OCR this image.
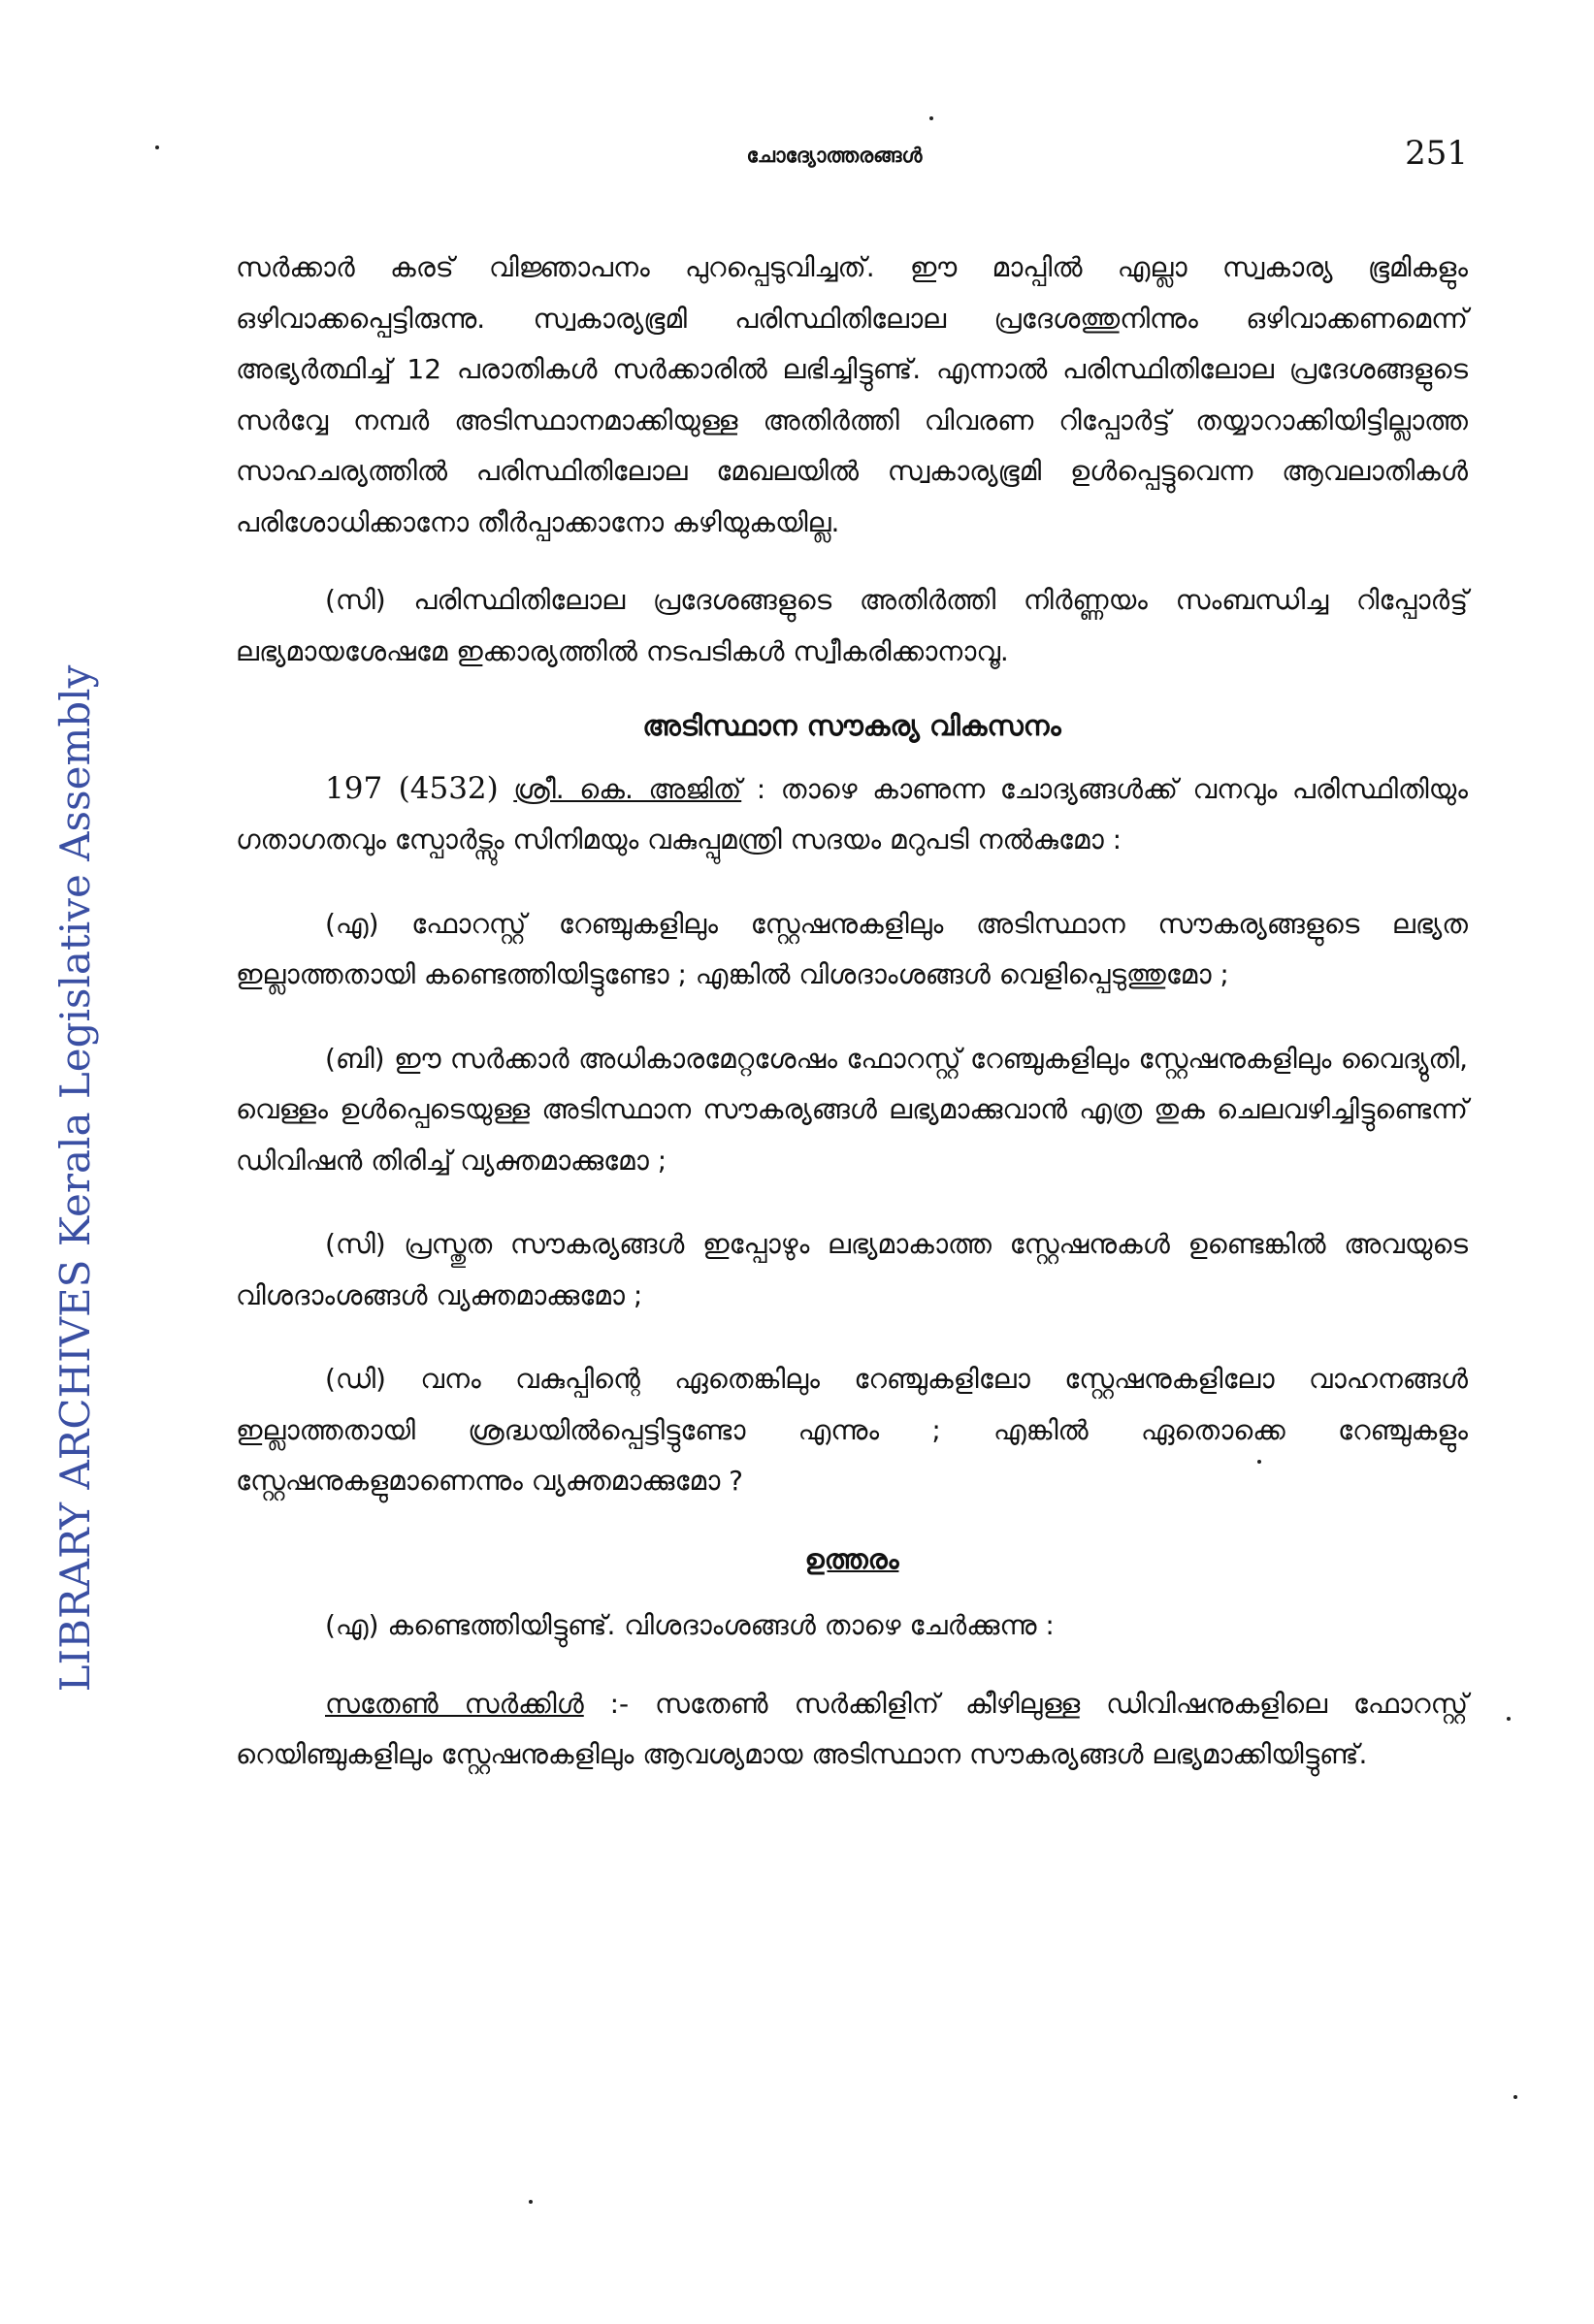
LIBRARY ARCHIVES Kerala Legislative Assembly
ചോദ്യോത്തരങ്ങൾ	251

സർക്കാർ കരട് വിജ്ഞാപനം പുറപ്പെടുവിച്ചത്. ഈ മാപ്പിൽ എല്ലാ സ്വകാര്യ ഭൂമികളും ഒഴിവാക്കപ്പെട്ടിരുന്നു. സ്വകാര്യഭൂമി പരിസ്ഥിതിലോല പ്രദേശത്തുനിന്നും ഒഴിവാക്കണമെന്ന് അഭ്യർത്ഥിച്ച് 12 പരാതികൾ സർക്കാരിൽ ലഭിച്ചിട്ടുണ്ട്. എന്നാൽ പരിസ്ഥിതിലോല പ്രദേശങ്ങളുടെ സർവ്വേ നമ്പർ അടിസ്ഥാനമാക്കിയുള്ള അതിർത്തി വിവരണ റിപ്പോർട്ട് തയ്യാറാക്കിയിട്ടില്ലാത്ത സാഹചര്യത്തിൽ പരിസ്ഥിതിലോല മേഖലയിൽ സ്വകാര്യഭൂമി ഉൾപ്പെട്ടുവെന്ന ആവലാതികൾ പരിശോധിക്കാനോ തീർപ്പാക്കാനോ കഴിയുകയില്ല.

(സി) പരിസ്ഥിതിലോല പ്രദേശങ്ങളുടെ അതിർത്തി നിർണ്ണയം സംബന്ധിച്ച റിപ്പോർട്ട് ലഭ്യമായശേഷമേ ഇക്കാര്യത്തിൽ നടപടികൾ സ്വീകരിക്കാനാവൂ.

അടിസ്ഥാന സൗകര്യ വികസനം

197 (4532) ശ്രീ. കെ. അജിത് : താഴെ കാണുന്ന ചോദ്യങ്ങൾക്ക് വനവും പരിസ്ഥിതിയും ഗതാഗതവും സ്പോർട്സും സിനിമയും വകുപ്പുമന്ത്രി സദയം മറുപടി നൽകുമോ :

(എ) ഫോറസ്റ്റ് റേഞ്ചുകളിലും സ്റ്റേഷനുകളിലും അടിസ്ഥാന സൗകര്യങ്ങളുടെ ലഭ്യത ഇല്ലാത്തതായി കണ്ടെത്തിയിട്ടുണ്ടോ ; എങ്കിൽ വിശദാംശങ്ങൾ വെളിപ്പെടുത്തുമോ ;

(ബി) ഈ സർക്കാർ അധികാരമേറ്റശേഷം ഫോറസ്റ്റ് റേഞ്ചുകളിലും സ്റ്റേഷനുകളിലും വൈദ്യുതി, വെള്ളം ഉൾപ്പെടെയുള്ള അടിസ്ഥാന സൗകര്യങ്ങൾ ലഭ്യമാക്കുവാൻ എത്ര തുക ചെലവഴിച്ചിട്ടുണ്ടെന്ന് ഡിവിഷൻ തിരിച്ച് വ്യക്തമാക്കുമോ ;

(സി) പ്രസ്തുത സൗകര്യങ്ങൾ ഇപ്പോഴും ലഭ്യമാകാത്ത സ്റ്റേഷനുകൾ ഉണ്ടെങ്കിൽ അവയുടെ വിശദാംശങ്ങൾ വ്യക്തമാക്കുമോ ;

(ഡി) വനം വകുപ്പിന്റെ ഏതെങ്കിലും റേഞ്ചുകളിലോ സ്റ്റേഷനുകളിലോ വാഹനങ്ങൾ ഇല്ലാത്തതായി ശ്രദ്ധയിൽപ്പെട്ടിട്ടുണ്ടോ എന്നും ; എങ്കിൽ ഏതൊക്കെ റേഞ്ചുകളും സ്റ്റേഷനുകളുമാണെന്നും വ്യക്തമാക്കുമോ ?

ഉത്തരം

(എ) കണ്ടെത്തിയിട്ടുണ്ട്. വിശദാംശങ്ങൾ താഴെ ചേർക്കുന്നു :

സതേൺ സർക്കിൾ :- സതേൺ സർക്കിളിന് കീഴിലുള്ള ഡിവിഷനുകളിലെ ഫോറസ്റ്റ് റെയിഞ്ചുകളിലും സ്റ്റേഷനുകളിലും ആവശ്യമായ അടിസ്ഥാന സൗകര്യങ്ങൾ ലഭ്യമാക്കിയിട്ടുണ്ട്.
